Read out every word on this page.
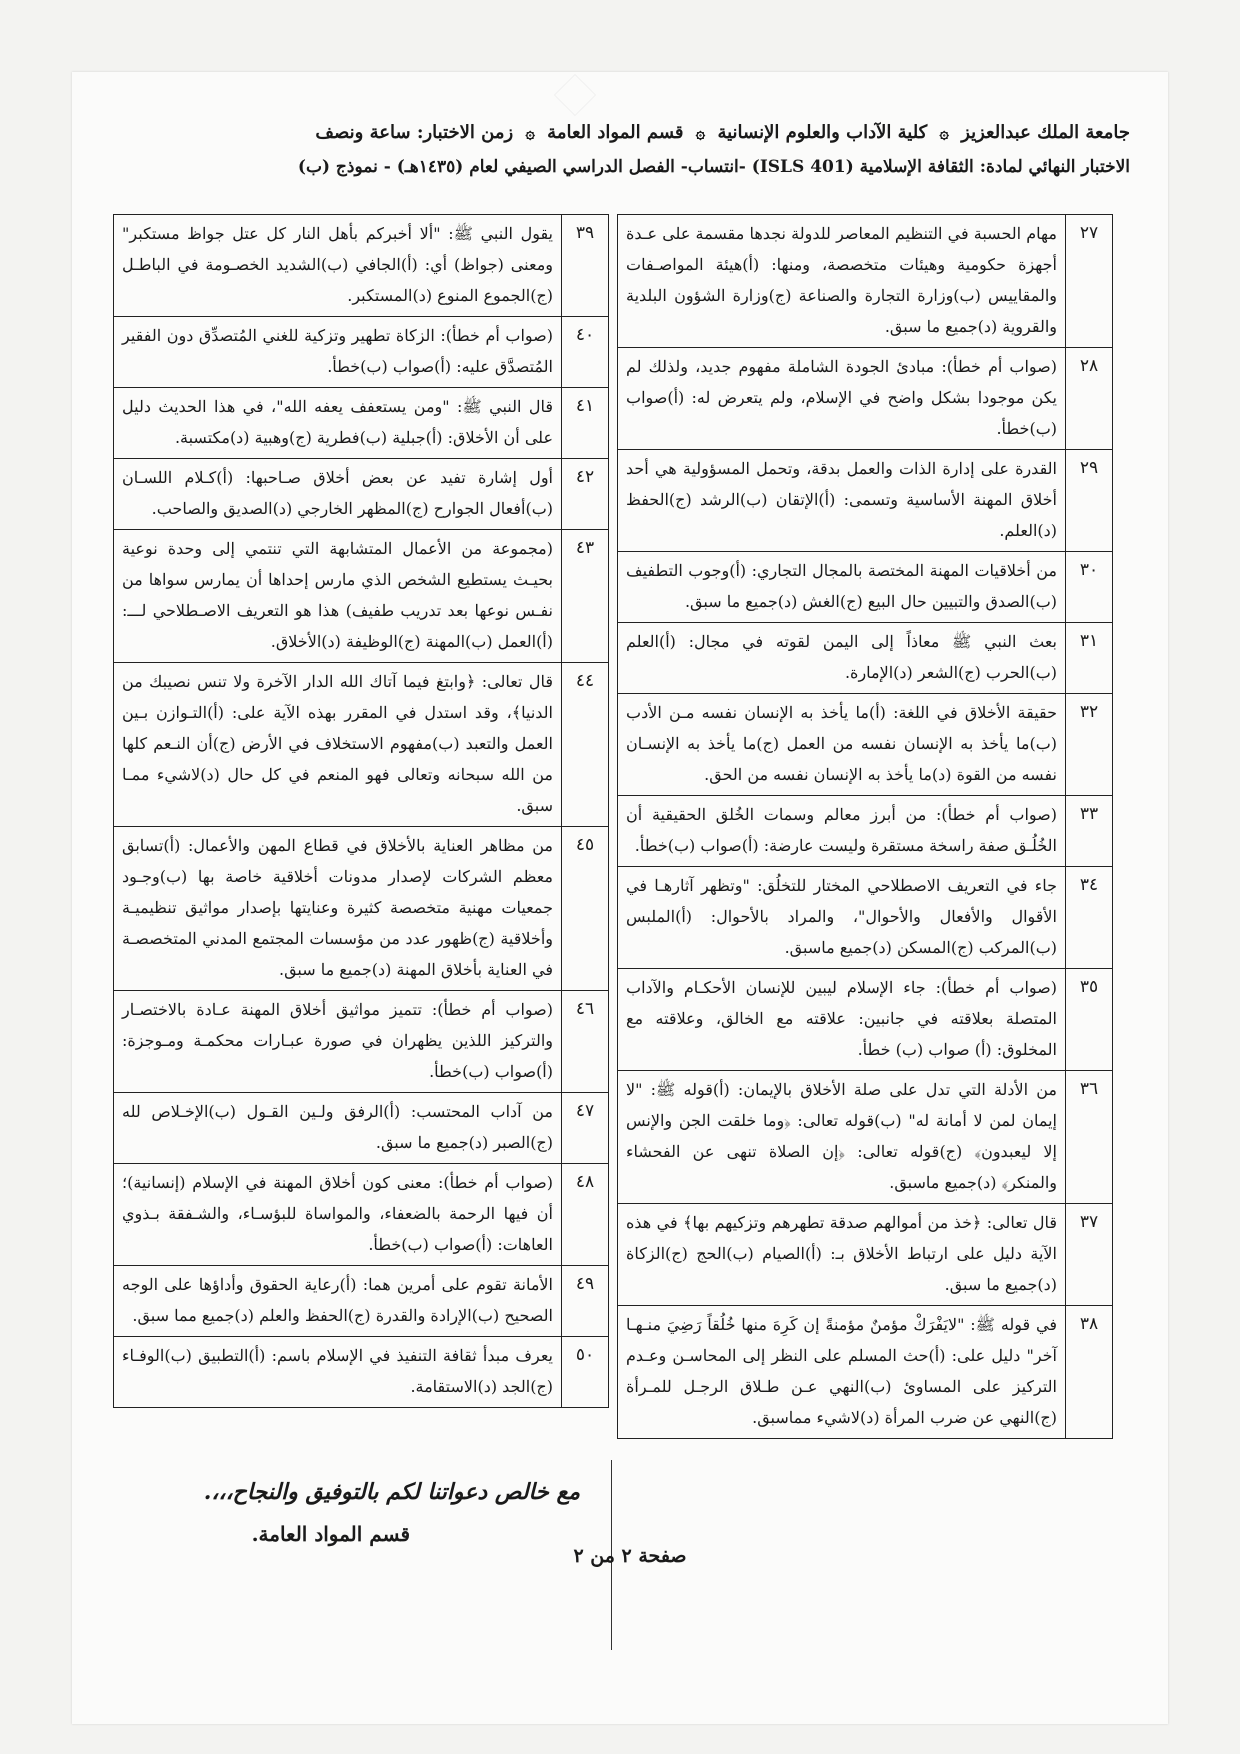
جامعة الملك عبدالعزيز ۞ كلية الآداب والعلوم الإنسانية ۞ قسم المواد العامة ۞ زمن الاختبار: ساعة ونصف
الاختبار النهائي لمادة: الثقافة الإسلامية (ISLS 401) -انتساب- الفصل الدراسي الصيفي لعام (١٤٣٥هـ) - نموذج (ب)
٢٧
مهام الحسبة في التنظيم المعاصر للدولة نجدها مقسمة على عـدة أجهزة حكومية وهيئات متخصصة، ومنها: (أ)هيئة المواصـفات والمقاييس (ب)وزارة التجارة والصناعة (ج)وزارة الشؤون البلدية والقروية (د)جميع ما سبق.
٢٨
(صواب أم خطأ): مبادئ الجودة الشاملة مفهوم جديد، ولذلك لم يكن موجودا بشكل واضح في الإسلام، ولم يتعرض له: (أ)صواب (ب)خطأ.
٢٩
القدرة على إدارة الذات والعمل بدقة، وتحمل المسؤولية هي أحد أخلاق المهنة الأساسية وتسمى: (أ)الإتقان (ب)الرشد (ج)الحفظ (د)العلم.
٣٠
من أخلاقيات المهنة المختصة بالمجال التجاري: (أ)وجوب التطفيف (ب)الصدق والتبيين حال البيع (ج)الغش (د)جميع ما سبق.
٣١
بعث النبي ﷺ معاذاً إلى اليمن لقوته في مجال: (أ)العلم (ب)الحرب (ج)الشعر (د)الإمارة.
٣٢
حقيقة الأخلاق في اللغة: (أ)ما يأخذ به الإنسان نفسه مـن الأدب (ب)ما يأخذ به الإنسان نفسه من العمل (ج)ما يأخذ به الإنسـان نفسه من القوة (د)ما يأخذ به الإنسان نفسه من الحق.
٣٣
(صواب أم خطأ): من أبرز معالم وسمات الخُلق الحقيقية أن الخُلُـق صفة راسخة مستقرة وليست عارضة: (أ)صواب (ب)خطأ.
٣٤
جاء في التعريف الاصطلاحي المختار للتخلُق: "وتظهر آثارهـا في الأقوال والأفعال والأحوال"، والمراد بالأحوال: (أ)الملبس (ب)المركب (ج)المسكن (د)جميع ماسبق.
٣٥
(صواب أم خطأ): جاء الإسلام ليبين للإنسان الأحكـام والآداب المتصلة بعلاقته في جانبين: علاقته مع الخالق، وعلاقته مع المخلوق: (أ) صواب (ب) خطأ.
٣٦
من الأدلة التي تدل على صلة الأخلاق بالإيمان: (أ)قوله ﷺ: "لا إيمان لمن لا أمانة له" (ب)قوله تعالى: ﴿وما خلقت الجن والإنس إلا ليعبدون﴾ (ج)قوله تعالى: ﴿إن الصلاة تنهى عن الفحشاء والمنكر﴾ (د)جميع ماسبق.
٣٧
قال تعالى: ﴿خذ من أموالهم صدقة تطهرهم وتزكيهم بها﴾ في هذه الآية دليل على ارتباط الأخلاق بـ: (أ)الصيام (ب)الحج (ج)الزكاة (د)جميع ما سبق.
٣٨
في قوله ﷺ: "لايَفْرَكْ مؤمنٌ مؤمنةً إن كَرِهَ منها خُلُقاً رَضِيَ منـهـا آخر" دليل على: (أ)حث المسلم على النظر إلى المحاسـن وعـدم التركيز على المساوئ (ب)النهي عـن طـلاق الرجـل للمـرأة (ج)النهي عن ضرب المرأة (د)لاشيء مماسبق.
٣٩
يقول النبي ﷺ: "ألا أخبركم بأهل النار كل عتل جواظ مستكبر" ومعنى (جواظ) أي: (أ)الجافي (ب)الشديد الخصـومة في الباطـل (ج)الجموع المنوع (د)المستكبر.
٤٠
(صواب أم خطأ): الزكاة تطهير وتزكية للغني المُتصدِّق دون الفقير المُتصدَّق عليه: (أ)صواب (ب)خطأ.
٤١
قال النبي ﷺ: "ومن يستعفف يعفه الله"، في هذا الحديث دليل على أن الأخلاق: (أ)جبلية (ب)فطرية (ج)وهبية (د)مكتسبة.
٤٢
أول إشارة تفيد عن بعض أخلاق صـاحبها: (أ)كـلام اللسـان (ب)أفعال الجوارح (ج)المظهر الخارجي (د)الصديق والصاحب.
٤٣
(مجموعة من الأعمال المتشابهة التي تنتمي إلى وحدة نوعية بحيـث يستطيع الشخص الذي مارس إحداها أن يمارس سواها من نفـس نوعها بعد تدريب طفيف) هذا هو التعريف الاصـطلاحي لـــ: (أ)العمل (ب)المهنة (ج)الوظيفة (د)الأخلاق.
٤٤
قال تعالى: ﴿وابتغ فيما آتاك الله الدار الآخرة ولا تنس نصيبك من الدنيا﴾، وقد استدل في المقرر بهذه الآية على: (أ)التـوازن بـين العمل والتعبد (ب)مفهوم الاستخلاف في الأرض (ج)أن النـعم كلها من الله سبحانه وتعالى فهو المنعم في كل حال (د)لاشيء ممـا سبق.
٤٥
من مظاهر العناية بالأخلاق في قطاع المهن والأعمال: (أ)تسابق معظم الشركات لإصدار مدونات أخلاقية خاصة بها (ب)وجـود جمعيات مهنية متخصصة كثيرة وعنايتها بإصدار مواثيق تنظيميـة وأخلاقية (ج)ظهور عدد من مؤسسات المجتمع المدني المتخصصـة في العناية بأخلاق المهنة (د)جميع ما سبق.
٤٦
(صواب أم خطأ): تتميز مواثيق أخلاق المهنة عـادة بالاختصـار والتركيز اللذين يظهران في صورة عبـارات محكمـة ومـوجزة: (أ)صواب (ب)خطأ.
٤٧
من آداب المحتسب: (أ)الرفق ولـين القـول (ب)الإخـلاص لله (ج)الصبر (د)جميع ما سبق.
٤٨
(صواب أم خطأ): معنى كون أخلاق المهنة في الإسلام (إنسانية)؛ أن فيها الرحمة بالضعفاء، والمواساة للبؤسـاء، والشـفقة بـذوي العاهات: (أ)صواب (ب)خطأ.
٤٩
الأمانة تقوم على أمرين هما: (أ)رعاية الحقوق وأداؤها على الوجه الصحيح (ب)الإرادة والقدرة (ج)الحفظ والعلم (د)جميع مما سبق.
٥٠
يعرف مبدأ ثقافة التنفيذ في الإسلام باسم: (أ)التطبيق (ب)الوفـاء (ج)الجد (د)الاستقامة.
مع خالص دعواتنا لكم بالتوفيق والنجاح،،،.
قسم المواد العامة.
صفحة ٢ من ٢
